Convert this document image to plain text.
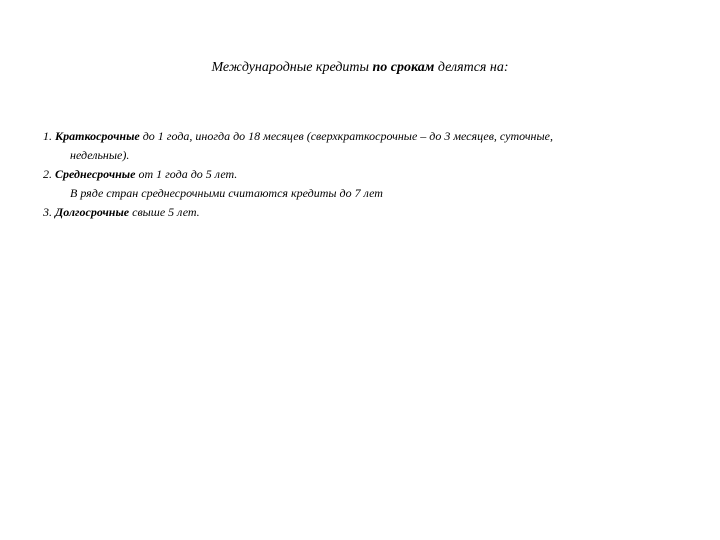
Международные кредиты по срокам делятся на:

1. Краткосрочные до 1 года, иногда до 18 месяцев (сверхкраткосрочные – до 3 месяцев, суточные,

недельные).

2. Среднесрочные от 1 года до 5 лет.

В ряде стран среднесрочными считаются кредиты до 7 лет

3. Долгосрочные свыше 5 лет.
